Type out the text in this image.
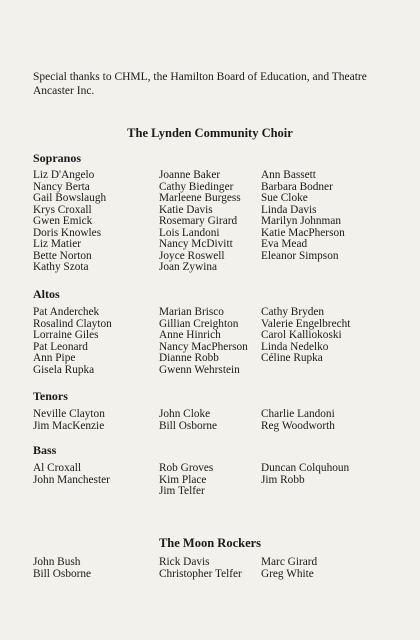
Special thanks to CHML, the Hamilton Board of Education, and Theatre Ancaster Inc.
The Lynden Community Choir
Sopranos
Liz D'Angelo
Nancy Berta
Gail Bowslaugh
Krys Croxall
Gwen Emick
Doris Knowles
Liz Matier
Bette Norton
Kathy Szota
Joanne Baker
Cathy Biedinger
Marleene Burgess
Katie Davis
Rosemary Girard
Lois Landoni
Nancy McDivitt
Joyce Roswell
Joan Zywina
Ann Bassett
Barbara Bodner
Sue Cloke
Linda Davis
Marilyn Johnman
Katie MacPherson
Eva Mead
Eleanor Simpson
Altos
Pat Anderchek
Rosalind Clayton
Lorraine Giles
Pat Leonard
Ann Pipe
Gisela Rupka
Marian Brisco
Gillian Creighton
Anne Hinrich
Nancy MacPherson
Dianne Robb
Gwenn Wehrstein
Cathy Bryden
Valerie Engelbrecht
Carol Kalliokoski
Linda Nedelko
Céline Rupka
Tenors
Neville Clayton
Jim MacKenzie
John Cloke
Bill Osborne
Charlie Landoni
Reg Woodworth
Bass
Al Croxall
John Manchester
Rob Groves
Kim Place
Jim Telfer
Duncan Colquhoun
Jim Robb
The Moon Rockers
John Bush
Bill Osborne
Rick Davis
Christopher Telfer
Marc Girard
Greg White
